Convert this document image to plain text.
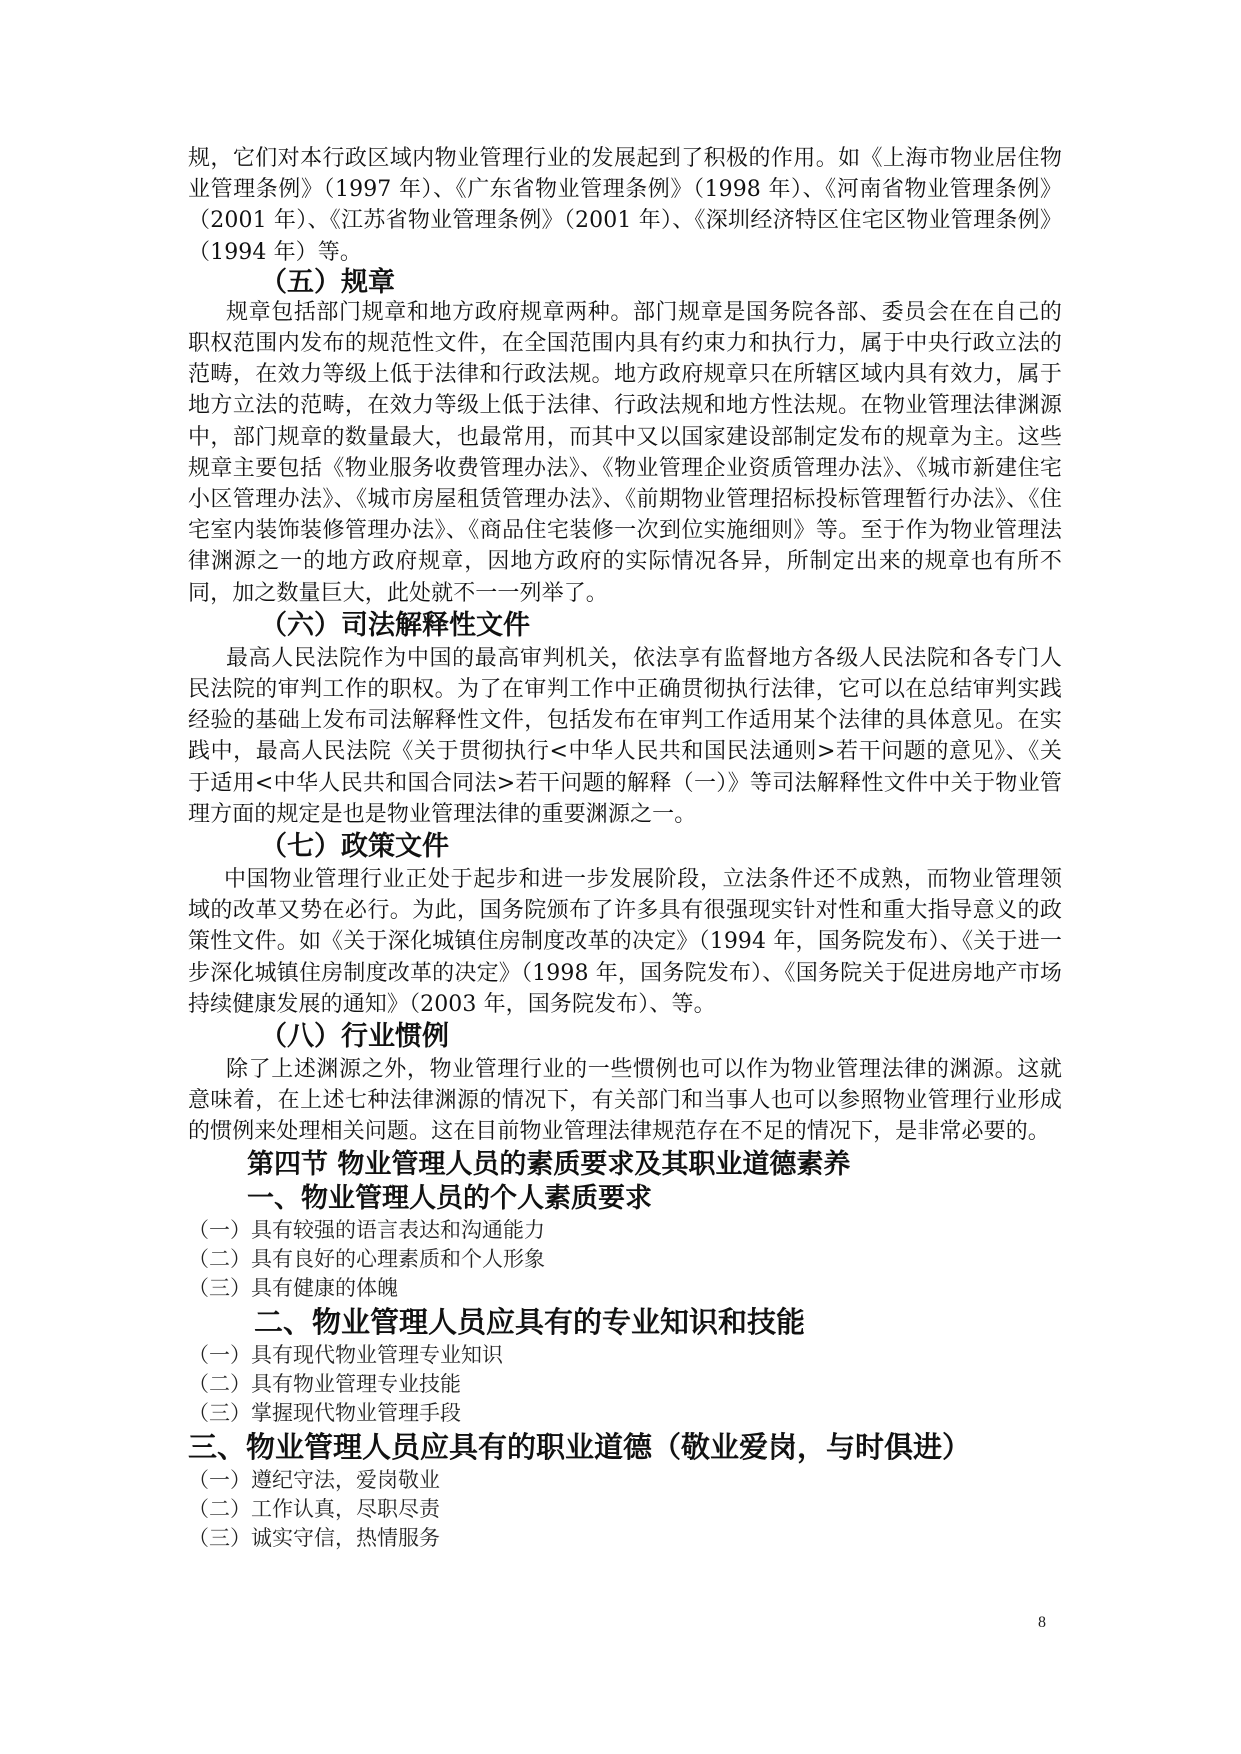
规，它们对本行政区域内物业管理行业的发展起到了积极的作用。如《上海市物业居住物业管理条例》（1997 年）、《广东省物业管理条例》（1998 年）、《河南省物业管理条例》（2001 年）、《江苏省物业管理条例》（2001 年）、《深圳经济特区住宅区物业管理条例》（1994 年）等。

（五）规章

规章包括部门规章和地方政府规章两种。部门规章是国务院各部、委员会在在自己的职权范围内发布的规范性文件，在全国范围内具有约束力和执行力，属于中央行政立法的范畴，在效力等级上低于法律和行政法规。地方政府规章只在所辖区域内具有效力，属于地方立法的范畴，在效力等级上低于法律、行政法规和地方性法规。在物业管理法律渊源中，部门规章的数量最大，也最常用，而其中又以国家建设部制定发布的规章为主。这些规章主要包括《物业服务收费管理办法》、《物业管理企业资质管理办法》、《城市新建住宅小区管理办法》、《城市房屋租赁管理办法》、《前期物业管理招标投标管理暂行办法》、《住宅室内装饰装修管理办法》、《商品住宅装修一次到位实施细则》等。至于作为物业管理法律渊源之一的地方政府规章，因地方政府的实际情况各异，所制定出来的规章也有所不同，加之数量巨大，此处就不一一列举了。

（六）司法解释性文件

最高人民法院作为中国的最高审判机关，依法享有监督地方各级人民法院和各专门人民法院的审判工作的职权。为了在审判工作中正确贯彻执行法律，它可以在总结审判实践经验的基础上发布司法解释性文件，包括发布在审判工作适用某个法律的具体意见。在实践中，最高人民法院《关于贯彻执行<中华人民共和国民法通则>若干问题的意见》、《关于适用<中华人民共和国合同法>若干问题的解释（一）》等司法解释性文件中关于物业管理方面的规定是也是物业管理法律的重要渊源之一。

（七）政策文件

中国物业管理行业正处于起步和进一步发展阶段，立法条件还不成熟，而物业管理领域的改革又势在必行。为此，国务院颁布了许多具有很强现实针对性和重大指导意义的政策性文件。如《关于深化城镇住房制度改革的决定》（1994 年，国务院发布）、《关于进一步深化城镇住房制度改革的决定》（1998 年，国务院发布）、《国务院关于促进房地产市场持续健康发展的通知》（2003 年，国务院发布）、等。

（八）行业惯例

除了上述渊源之外，物业管理行业的一些惯例也可以作为物业管理法律的渊源。这就意味着，在上述七种法律渊源的情况下，有关部门和当事人也可以参照物业管理行业形成的惯例来处理相关问题。这在目前物业管理法律规范存在不足的情况下，是非常必要的。

第四节 物业管理人员的素质要求及其职业道德素养
一、物业管理人员的个人素质要求

（一）具有较强的语言表达和沟通能力

（二）具有良好的心理素质和个人形象

（三）具有健康的体魄

二、物业管理人员应具有的专业知识和技能

（一）具有现代物业管理专业知识

（二）具有物业管理专业技能

（三）掌握现代物业管理手段

三、物业管理人员应具有的职业道德（敬业爱岗，与时俱进）

（一）遵纪守法，爱岗敬业

（二）工作认真，尽职尽责

（三）诚实守信，热情服务

8
